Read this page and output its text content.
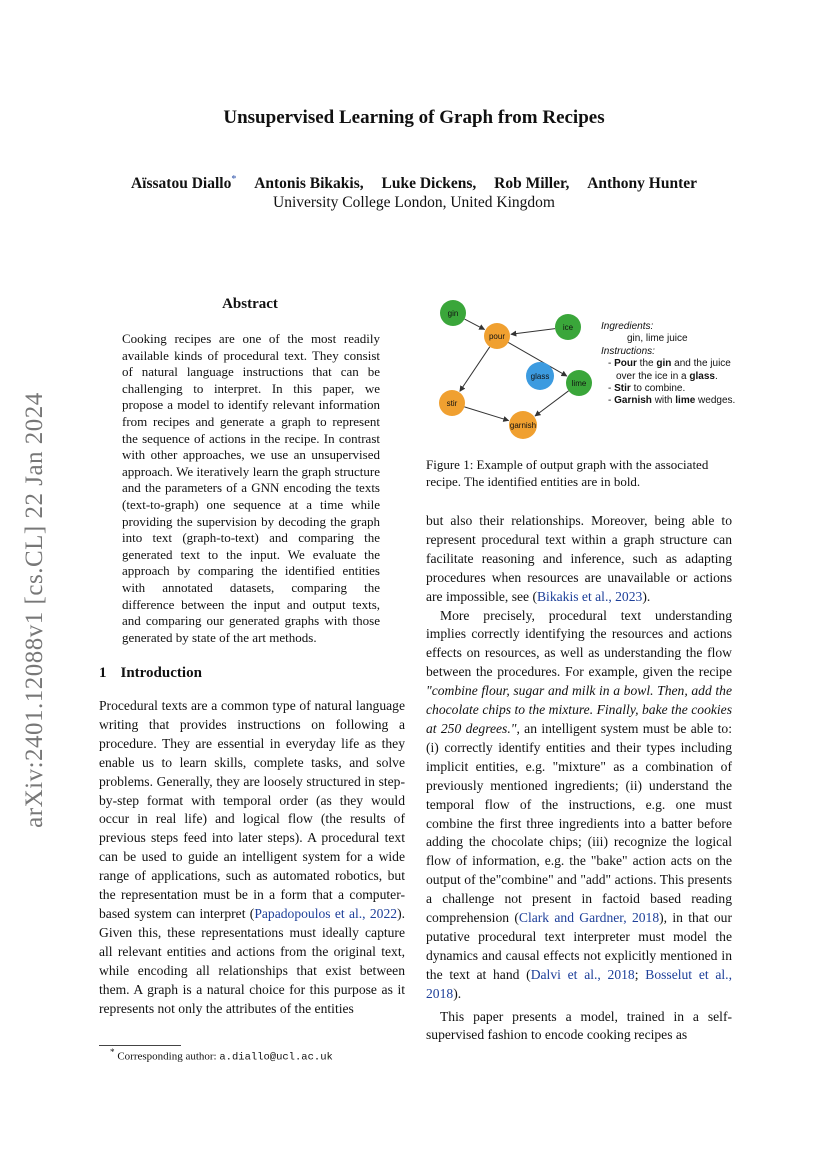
arXiv:2401.12088v1 [cs.CL] 22 Jan 2024
Unsupervised Learning of Graph from Recipes
Aïssatou Diallo* Antonis Bikakis, Luke Dickens, Rob Miller, Anthony Hunter
University College London, United Kingdom
Abstract
Cooking recipes are one of the most readily available kinds of procedural text. They consist of natural language instructions that can be challenging to interpret. In this paper, we propose a model to identify relevant information from recipes and generate a graph to represent the sequence of actions in the recipe. In contrast with other approaches, we use an unsupervised approach. We iteratively learn the graph structure and the parameters of a GNN encoding the texts (text-to-graph) one sequence at a time while providing the supervision by decoding the graph into text (graph-to-text) and comparing the generated text to the input. We evaluate the approach by comparing the identified entities with annotated datasets, comparing the difference between the input and output texts, and comparing our generated graphs with those generated by state of the art methods.
1 Introduction
Procedural texts are a common type of natural language writing that provides instructions on following a procedure. They are essential in everyday life as they enable us to learn skills, complete tasks, and solve problems. Generally, they are loosely structured in step-by-step format with temporal order (as they would occur in real life) and logical flow (the results of previous steps feed into later steps). A procedural text can be used to guide an intelligent system for a wide range of applications, such as automated robotics, but the representation must be in a form that a computer-based system can interpret (Papadopoulos et al., 2022). Given this, these representations must ideally capture all relevant entities and actions from the original text, while encoding all relationships that exist between them. A graph is a natural choice for this purpose as it represents not only the attributes of the entities
* Corresponding author: a.diallo@ucl.ac.uk
gin
pour
ice
glass
lime
stir
garnish
Ingredients:
gin, lime juice
Instructions:
- Pour the gin and the juice over the ice in a glass.
- Stir to combine.
- Garnish with lime wedges.
Figure 1: Example of output graph with the associated recipe. The identified entities are in bold.

but also their relationships. Moreover, being able to represent procedural text within a graph structure can facilitate reasoning and inference, such as adapting procedures when resources are unavailable or actions are impossible, see (Bikakis et al., 2023).

More precisely, procedural text understanding implies correctly identifying the resources and actions effects on resources, as well as understanding the flow between the procedures. For example, given the recipe "combine flour, sugar and milk in a bowl. Then, add the chocolate chips to the mixture. Finally, bake the cookies at 250 degrees.", an intelligent system must be able to: (i) correctly identify entities and their types including implicit entities, e.g. "mixture" as a combination of previously mentioned ingredients; (ii) understand the temporal flow of the instructions, e.g. one must combine the first three ingredients into a batter before adding the chocolate chips; (iii) recognize the logical flow of information, e.g. the "bake" action acts on the output of the"combine" and "add" actions. This presents a challenge not present in factoid based reading comprehension (Clark and Gardner, 2018), in that our putative procedural text interpreter must model the dynamics and causal effects not explicitly mentioned in the text at hand (Dalvi et al., 2018; Bosselut et al., 2018).

This paper presents a model, trained in a self-supervised fashion to encode cooking recipes as
